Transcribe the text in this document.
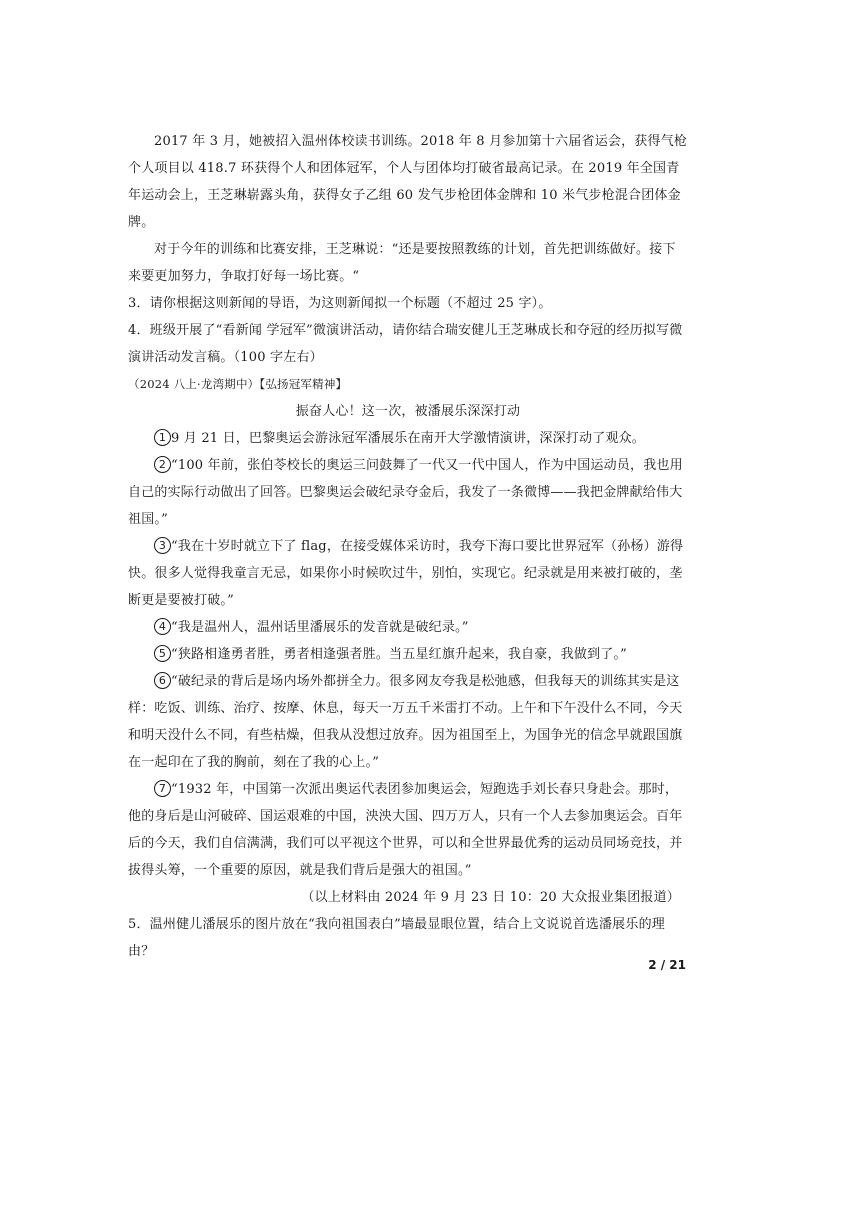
2017 年 3 月，她被招入温州体校读书训练。2018 年 8 月参加第十六届省运会，获得气枪个人项目以 418.7 环获得个人和团体冠军，个人与团体均打破省最高记录。在 2019 年全国青年运动会上，王芝琳崭露头角，获得女子乙组 60 发气步枪团体金牌和 10 米气步枪混合团体金牌。

对于今年的训练和比赛安排，王芝琳说：“还是要按照教练的计划，首先把训练做好。接下来要更加努力，争取打好每一场比赛。“

3．请你根据这则新闻的导语，为这则新闻拟一个标题（不超过 25 字）。

4．班级开展了“看新闻 学冠军”微演讲活动，请你结合瑞安健儿王芝琳成长和夺冠的经历拟写微演讲活动发言稿。（100 字左右）

（2024 八上·龙湾期中）【弘扬冠军精神】

振奋人心！这一次，被潘展乐深深打动

1 9 月 21 日，巴黎奥运会游泳冠军潘展乐在南开大学激情演讲，深深打动了观众。

2 “100 年前，张伯苓校长的奥运三问鼓舞了一代又一代中国人，作为中国运动员，我也用自己的实际行动做出了回答。巴黎奥运会破纪录夺金后，我发了一条微博——我把金牌献给伟大祖国。”

3 “我在十岁时就立下了 flag，在接受媒体采访时，我夸下海口要比世界冠军（孙杨）游得快。很多人觉得我童言无忌，如果你小时候吹过牛，别怕，实现它。纪录就是用来被打破的，垄断更是要被打破。”

4 “我是温州人，温州话里潘展乐的发音就是破纪录。”

5 “狭路相逢勇者胜，勇者相逢强者胜。当五星红旗升起来，我自豪，我做到了。”

6 “破纪录的背后是场内场外都拼全力。很多网友夸我是松弛感，但我每天的训练其实是这样：吃饭、训练、治疗、按摩、休息，每天一万五千米雷打不动。上午和下午没什么不同，今天和明天没什么不同，有些枯燥，但我从没想过放弃。因为祖国至上，为国争光的信念早就跟国旗在一起印在了我的胸前，刻在了我的心上。”

7 “1932 年，中国第一次派出奥运代表团参加奥运会，短跑选手刘长春只身赴会。那时，他的身后是山河破碎、国运艰难的中国，泱泱大国、四万万人，只有一个人去参加奥运会。百年后的今天，我们自信满满，我们可以平视这个世界，可以和全世界最优秀的运动员同场竞技，并拔得头筹，一个重要的原因，就是我们背后是强大的祖国。”

（以上材料由 2024 年 9 月 23 日 10：20 大众报业集团报道）

5．温州健儿潘展乐的图片放在“我向祖国表白”墙最显眼位置，结合上文说说首选潘展乐的理由？

2 / 21
